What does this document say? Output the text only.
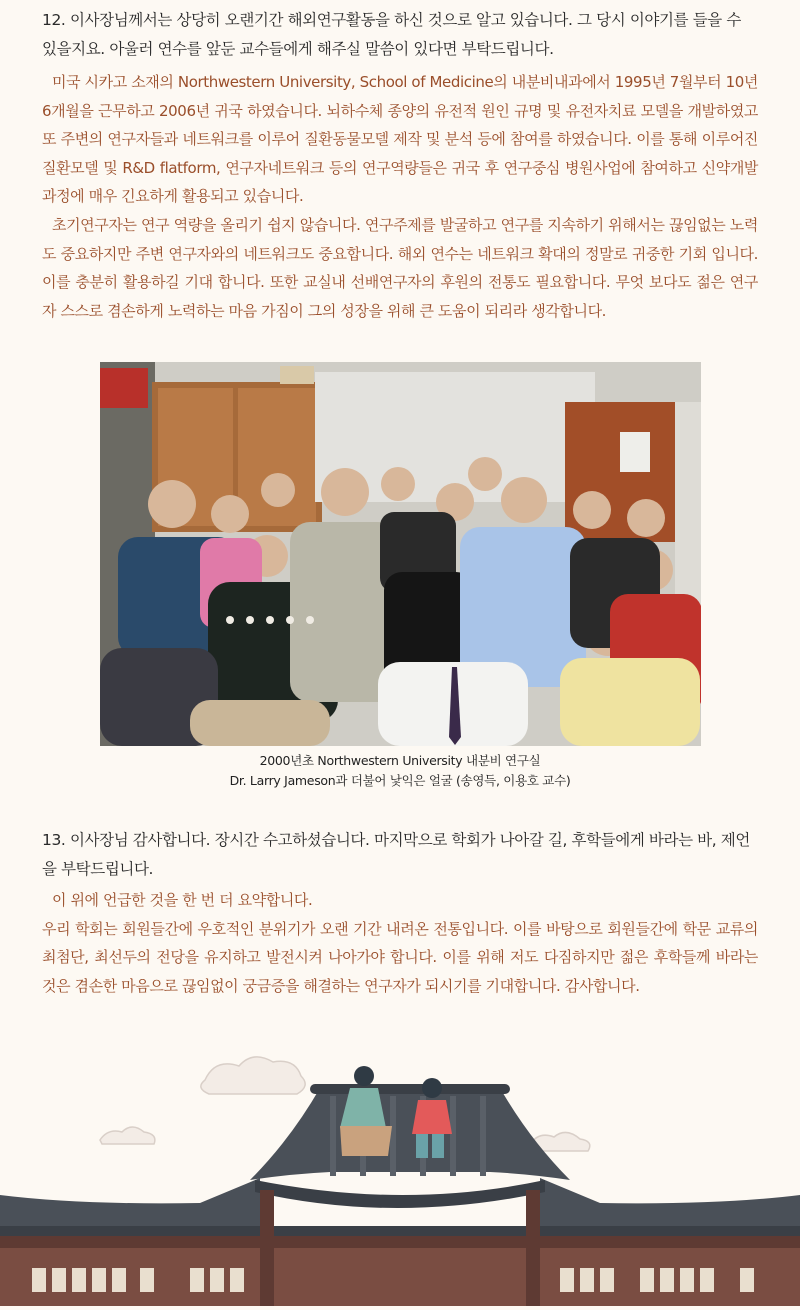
12. 이사장님께서는 상당히 오랜기간 해외연구활동을 하신 것으로 알고 있습니다. 그 당시 이야기를 들을 수 있을지요. 아울러 연수를 앞둔 교수들에게 해주실 말씀이 있다면 부탁드립니다.

미국 시카고 소재의 Northwestern University, School of Medicine의 내분비내과에서 1995년 7월부터 10년 6개월을 근무하고 2006년 귀국 하였습니다. 뇌하수체 종양의 유전적 원인 규명 및 유전자치료 모델을 개발하였고 또 주변의 연구자들과 네트워크를 이루어 질환동물모델 제작 및 분석 등에 참여를 하였습니다. 이를 통해 이루어진 질환모델 및 R&D flatform, 연구자네트워크 등의 연구역량들은 귀국 후 연구중심 병원사업에 참여하고 신약개발과정에 매우 긴요하게 활용되고 있습니다.

초기연구자는 연구 역량을 올리기 쉽지 않습니다. 연구주제를 발굴하고 연구를 지속하기 위해서는 끊임없는 노력도 중요하지만 주변 연구자와의 네트워크도 중요합니다. 해외 연수는 네트워크 확대의 정말로 귀중한 기회 입니다. 이를 충분히 활용하길 기대 합니다. 또한 교실내 선배연구자의 후원의 전통도 필요합니다. 무엇 보다도 젊은 연구자 스스로 겸손하게 노력하는 마음 가짐이 그의 성장을 위해 큰 도움이 되리라 생각합니다.

2000년초 Northwestern University 내분비 연구실
Dr. Larry Jameson과 더불어 낯익은 얼굴 (송영득, 이용호 교수)
13. 이사장님 감사합니다. 장시간 수고하셨습니다. 마지막으로 학회가 나아갈 길, 후학들에게 바라는 바, 제언을 부탁드립니다.

이 위에 언급한 것을 한 번 더 요약합니다.

우리 학회는 회원들간에 우호적인 분위기가 오랜 기간 내려온 전통입니다. 이를 바탕으로 회원들간에 학문 교류의 최첨단, 최선두의 전당을 유지하고 발전시켜 나아가야 합니다. 이를 위해 저도 다짐하지만 젊은 후학들께 바라는 것은 겸손한 마음으로 끊임없이 궁금증을 해결하는 연구자가 되시기를 기대합니다. 감사합니다.
